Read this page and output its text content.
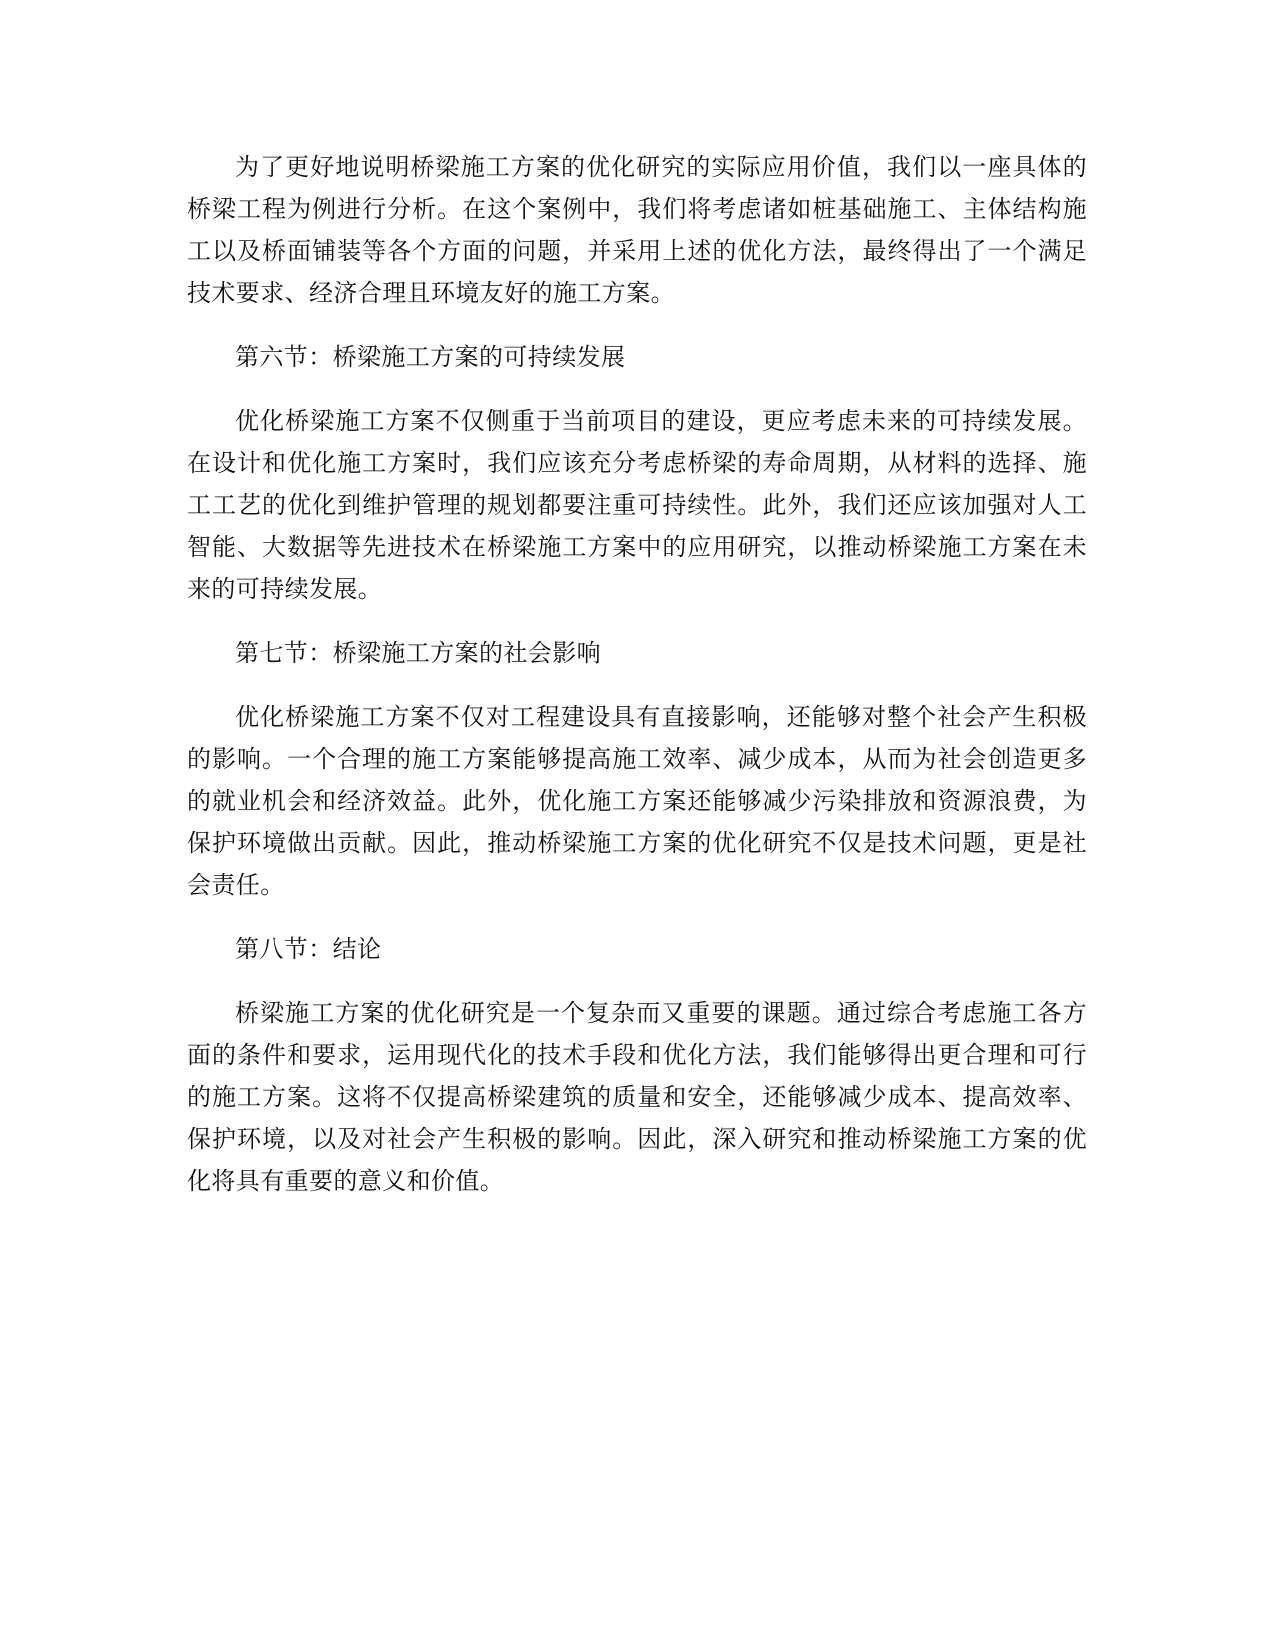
为了更好地说明桥梁施工方案的优化研究的实际应用价值，我们以一座具体的桥梁工程为例进行分析。在这个案例中，我们将考虑诸如桩基础施工、主体结构施工以及桥面铺装等各个方面的问题，并采用上述的优化方法，最终得出了一个满足技术要求、经济合理且环境友好的施工方案。

第六节：桥梁施工方案的可持续发展

优化桥梁施工方案不仅侧重于当前项目的建设，更应考虑未来的可持续发展。在设计和优化施工方案时，我们应该充分考虑桥梁的寿命周期，从材料的选择、施工工艺的优化到维护管理的规划都要注重可持续性。此外，我们还应该加强对人工智能、大数据等先进技术在桥梁施工方案中的应用研究，以推动桥梁施工方案在未来的可持续发展。

第七节：桥梁施工方案的社会影响

优化桥梁施工方案不仅对工程建设具有直接影响，还能够对整个社会产生积极的影响。一个合理的施工方案能够提高施工效率、减少成本，从而为社会创造更多的就业机会和经济效益。此外，优化施工方案还能够减少污染排放和资源浪费，为保护环境做出贡献。因此，推动桥梁施工方案的优化研究不仅是技术问题，更是社会责任。

第八节：结论

桥梁施工方案的优化研究是一个复杂而又重要的课题。通过综合考虑施工各方面的条件和要求，运用现代化的技术手段和优化方法，我们能够得出更合理和可行的施工方案。这将不仅提高桥梁建筑的质量和安全，还能够减少成本、提高效率、保护环境，以及对社会产生积极的影响。因此，深入研究和推动桥梁施工方案的优化将具有重要的意义和价值。
